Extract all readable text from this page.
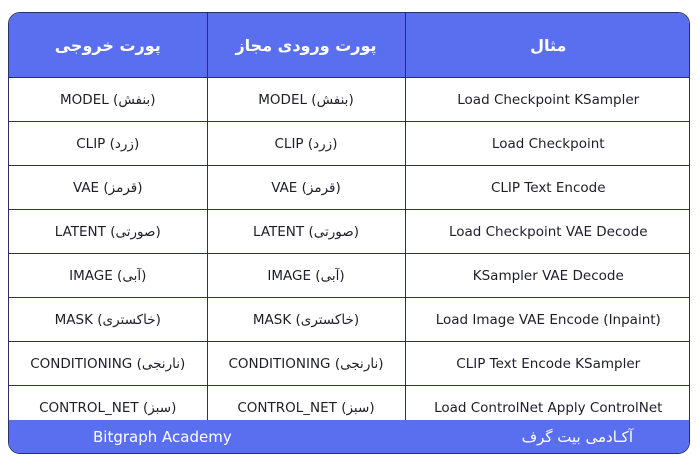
پورت خروجی	پورت ورودی مجاز	مثال
MODEL (بنفش)	MODEL (بنفش)	Load Checkpoint KSampler
CLIP (زرد)	CLIP (زرد)	Load Checkpoint
VAE (قرمز)	VAE (قرمز)	CLIP Text Encode
LATENT (صورتی)	LATENT (صورتی)	Load Checkpoint VAE Decode
IMAGE (آبی)	IMAGE (آبی)	KSampler VAE Decode
MASK (خاکستری)	MASK (خاکستری)	Load Image VAE Encode (Inpaint)
CONDITIONING (نارنجی)	CONDITIONING (نارنجی)	CLIP Text Encode KSampler
CONTROL_NET (سبز)	CONTROL_NET (سبز)	Load ControlNet Apply ControlNet
Bitgraph Academy	آکـادمی بیت گرف
